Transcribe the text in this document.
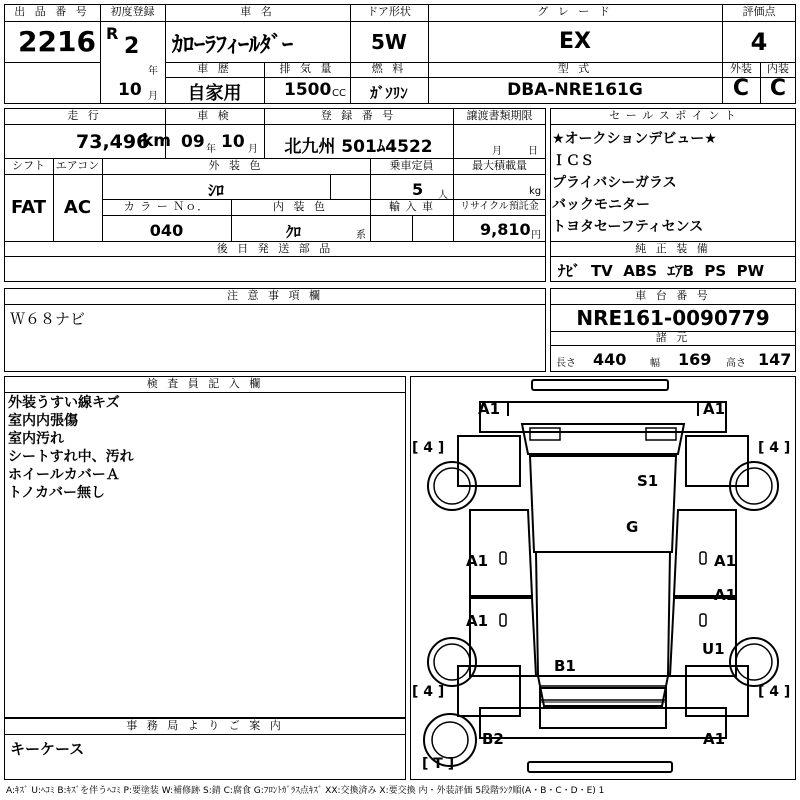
出 品 番 号
2216
初度登録
R
2
年
10 月
車 名
ｶﾛｰﾗﾌｨｰﾙﾀﾞｰ
ドア形状
5W
グ レ ー ド
EX
評価点
4
車 歴
自家用
排 気 量
1500 CC
燃 料
ｶﾞｿﾘﾝ
型 式
DBA-NRE161G
外装
C
内装
C
走 行
73,496
km
車 検
09 年 10 月
登 録 番 号
北九州 501ﾑ4522
譲渡書類期限
月	日
シフト
FAT
エアコン
AC
外 装 色
ｼﾛ
乗車定員
5 人
最大積載量
kg
カ ラ ー Ｎｏ．
040
内 装 色
ｸﾛ	系
輸 入 車	リサイクル預託金
9,810 円
後 日 発 送 部 品
セ ー ル ス ポ イ ン ト
★オークションデビュー★
ＩＣＳ
プライバシーガラス
バックモニター
トヨタセーフティセンス
純 正 装 備
ﾅﾋﾞ  TV  ABS  ｴｱB  PS  PW
注 意 事 項 欄
Ｗ６８ナビ
車 台 番 号
NRE161-0090779
諸 元
長さ 440 幅 169 高さ 147
検 査 員 記 入 欄
外装うすい線キズ
室内内張傷
室内汚れ
シートすれ中、汚れ
ホイールカバーＡ
トノカバー無し
事 務 局 よ り ご 案 内
キーケース
A1	A1
S1
G
A1	A1
A1
A1
U1
B1
B2	A1
[ 4 ]	[ 4 ]
[ 4 ]	[ 4 ]
[ T ]
A:ｷｽﾞ U:ﾍｺﾐ B:ｷｽﾞを伴うﾍｺﾐ P:要塗装 W:補修跡 S:錆 C:腐食 G:ﾌﾛﾝﾄｶﾞﾗｽ点ｷｽﾞ XX:交換済み X:要交換 内・外装評価 5段階ﾗﾝｸ順(A・B・C・D・E) 1
